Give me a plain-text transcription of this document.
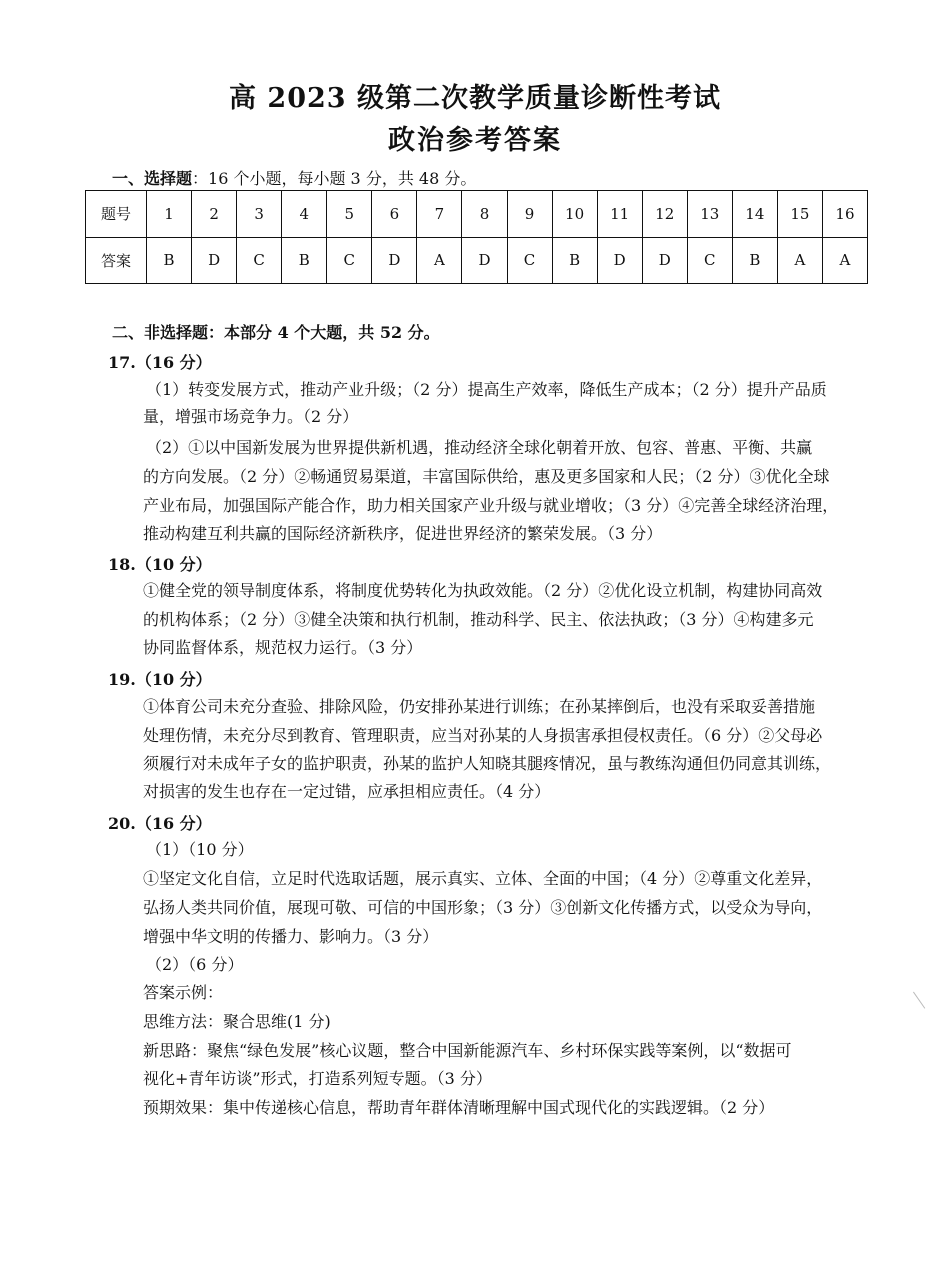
高 2023 级第二次教学质量诊断性考试
政治参考答案
一、选择题：16 个小题，每小题 3 分，共 48 分。
题号	1	2	3	4	5	6	7	8	9	10	11	12	13	14	15	16
答案	B	D	C	B	C	D	A	D	C	B	D	D	C	B	A	A
二、非选择题：本部分 4 个大题，共 52 分。
17.（16 分）
（1）转变发展方式，推动产业升级；（2 分）提高生产效率，降低生产成本；（2 分）提升产品质
量，增强市场竞争力。（2 分）
（2）①以中国新发展为世界提供新机遇，推动经济全球化朝着开放、包容、普惠、平衡、共赢
的方向发展。（2 分）②畅通贸易渠道，丰富国际供给，惠及更多国家和人民；（2 分）③优化全球
产业布局，加强国际产能合作，助力相关国家产业升级与就业增收；（3 分）④完善全球经济治理，
推动构建互利共赢的国际经济新秩序，促进世界经济的繁荣发展。（3 分）
18.（10 分）
①健全党的领导制度体系，将制度优势转化为执政效能。（2 分）②优化设立机制，构建协同高效
的机构体系；（2 分）③健全决策和执行机制，推动科学、民主、依法执政；（3 分）④构建多元
协同监督体系，规范权力运行。（3 分）
19.（10 分）
①体育公司未充分查验、排除风险，仍安排孙某进行训练；在孙某摔倒后，也没有采取妥善措施
处理伤情，未充分尽到教育、管理职责，应当对孙某的人身损害承担侵权责任。（6 分）②父母必
须履行对未成年子女的监护职责，孙某的监护人知晓其腿疼情况，虽与教练沟通但仍同意其训练，
对损害的发生也存在一定过错，应承担相应责任。（4 分）
20.（16 分）
（1）（10 分）
①坚定文化自信，立足时代选取话题，展示真实、立体、全面的中国；（4 分）②尊重文化差异，
弘扬人类共同价值，展现可敬、可信的中国形象；（3 分）③创新文化传播方式，以受众为导向，
增强中华文明的传播力、影响力。（3 分）
（2）（6 分）
答案示例：
思维方法：聚合思维(1 分)
新思路：聚焦“绿色发展”核心议题，整合中国新能源汽车、乡村环保实践等案例，以“数据可
视化+青年访谈”形式，打造系列短专题。（3 分）
预期效果：集中传递核心信息，帮助青年群体清晰理解中国式现代化的实践逻辑。（2 分）
